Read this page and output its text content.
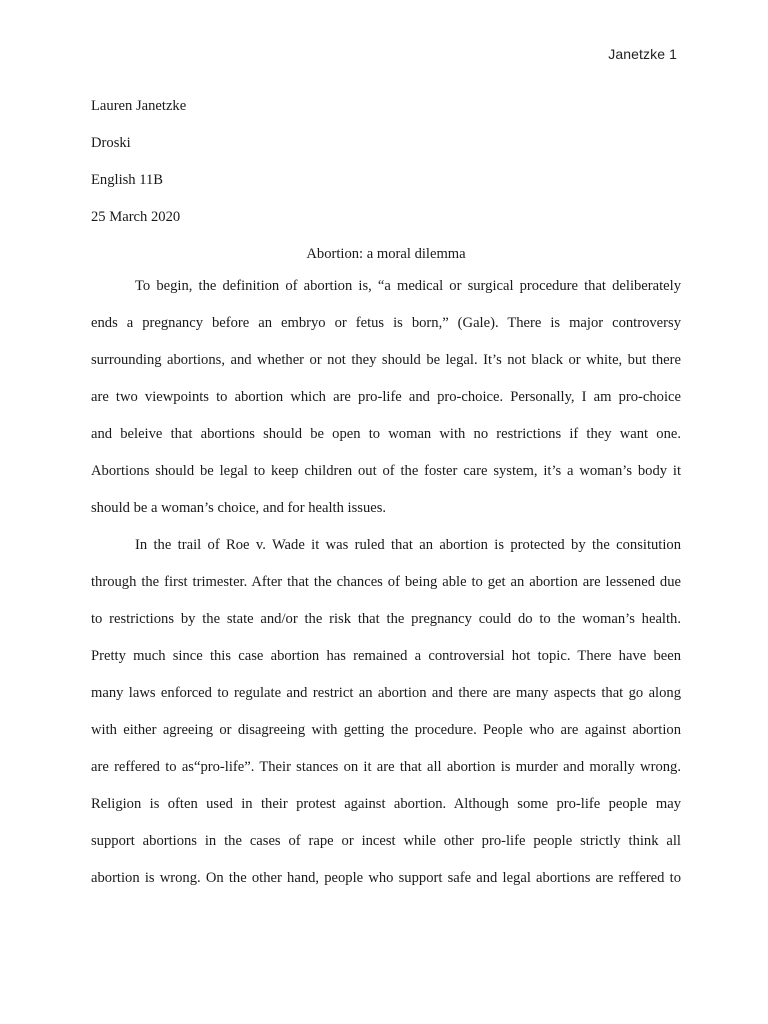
Janetzke 1
Lauren Janetzke
Droski
English 11B
25 March 2020
Abortion: a moral dilemma
To begin, the definition of abortion is, “a medical or surgical procedure that deliberately
ends a pregnancy before an embryo or fetus is born,” (Gale). There is major controversy
surrounding abortions, and whether or not they should be legal. It’s not black or white, but there
are two viewpoints to abortion which are pro-life and pro-choice. Personally, I am pro-choice
and beleive that abortions should be open to woman with no restrictions if they want one.
Abortions should be legal to keep children out of the foster care system, it’s a woman’s body it
should be a woman’s choice, and for health issues.
In the trail of Roe v. Wade it was ruled that an abortion is protected by the consitution
through the first trimester. After that the chances of being able to get an abortion are lessened due
to restrictions by the state and/or the risk that the pregnancy could do to the woman’s health.
Pretty much since this case abortion has remained a controversial hot topic. There have been
many laws enforced to regulate and restrict an abortion and there are many aspects that go along
with either agreeing or disagreeing with getting the procedure. People who are against abortion
are reffered to as“pro-life”. Their stances on it are that all abortion is murder and morally wrong.
Religion is often used in their protest against abortion. Although some pro-life people may
support abortions in the cases of rape or incest while other pro-life people strictly think all
abortion is wrong. On the other hand, people who support safe and legal abortions are reffered to
